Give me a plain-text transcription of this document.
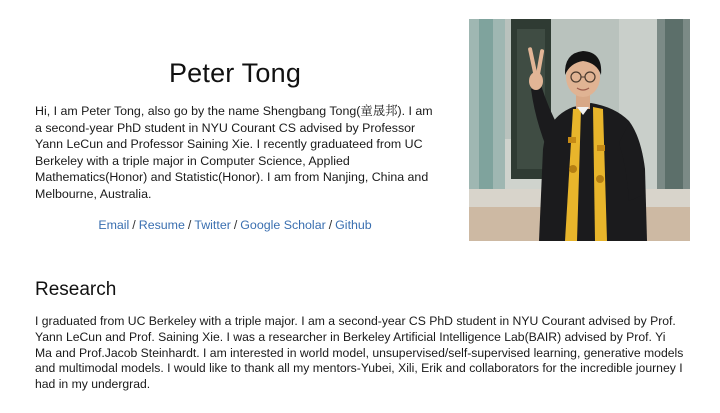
Peter Tong

Hi, I am Peter Tong, also go by the name Shengbang Tong(童晟邦). I am a second-year PhD student in NYU Courant CS advised by Professor Yann LeCun and Professor Saining Xie. I recently graduateed from UC Berkeley with a triple major in Computer Science, Applied Mathematics(Honor) and Statistic(Honor). I am from Nanjing, China and Melbourne, Australia.

Email / Resume / Twitter / Google Scholar / Github
Research

I graduated from UC Berkeley with a triple major. I am a second-year CS PhD student in NYU Courant advised by Prof. Yann LeCun and Prof. Saining Xie. I was a researcher in Berkeley Artificial Intelligence Lab(BAIR) advised by Prof. Yi Ma and Prof.Jacob Steinhardt. I am interested in world model, unsupervised/self-supervised learning, generative models and multimodal models. I would like to thank all my mentors-Yubei, Xili, Erik and collaborators for the incredible journey I had in my undergrad.
